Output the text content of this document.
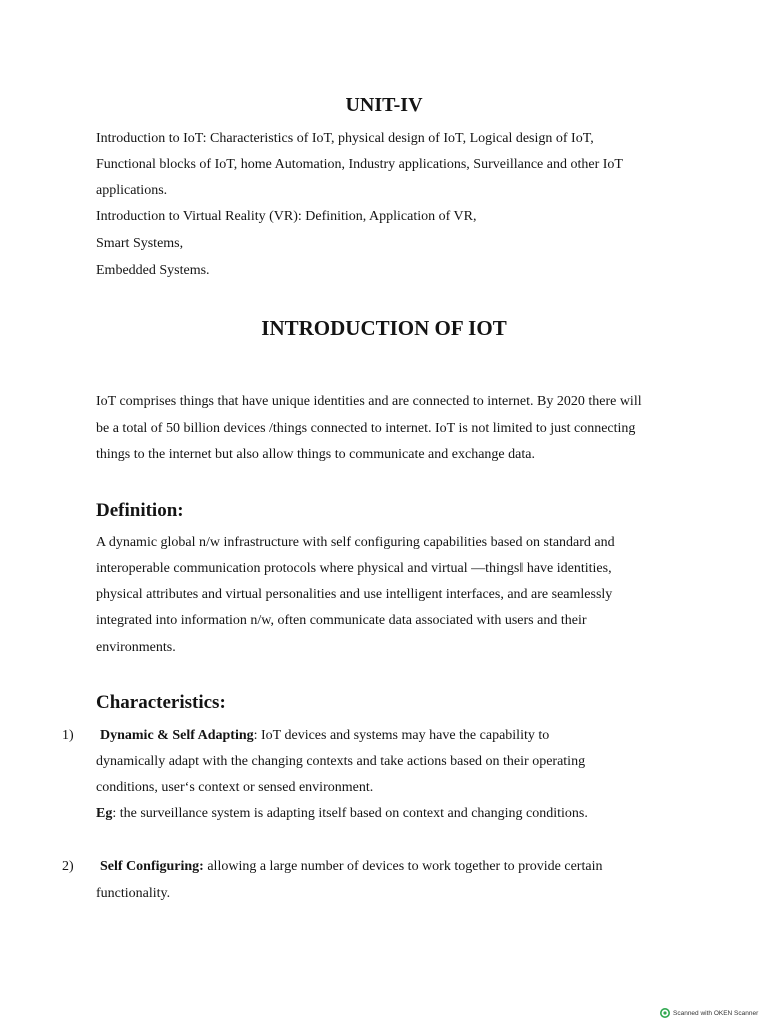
UNIT-IV
Introduction to IoT: Characteristics of IoT, physical design of IoT, Logical design of IoT,
Functional blocks of IoT, home Automation, Industry applications, Surveillance and other IoT
applications.
Introduction to Virtual Reality (VR): Definition, Application of VR,
Smart Systems,
Embedded Systems.
INTRODUCTION OF IOT
IoT comprises things that have unique identities and are connected to internet. By 2020 there will
be a total of 50 billion devices /things connected to internet. IoT is not limited to just connecting
things to the internet but also allow things to communicate and exchange data.
Definition:
A dynamic global n/w infrastructure with self configuring capabilities based on standard and
interoperable communication protocols where physical and virtual —things‖ have identities,
physical attributes and virtual personalities and use intelligent interfaces, and are seamlessly
integrated into information n/w, often communicate data associated with users and their
environments.
Characteristics:
1) Dynamic & Self Adapting: IoT devices and systems may have the capability to
dynamically adapt with the changing contexts and take actions based on their operating
conditions, user‘s context or sensed environment.
Eg: the surveillance system is adapting itself based on context and changing conditions.
2) Self Configuring: allowing a large number of devices to work together to provide certain
functionality.
Scanned with OKEN Scanner
